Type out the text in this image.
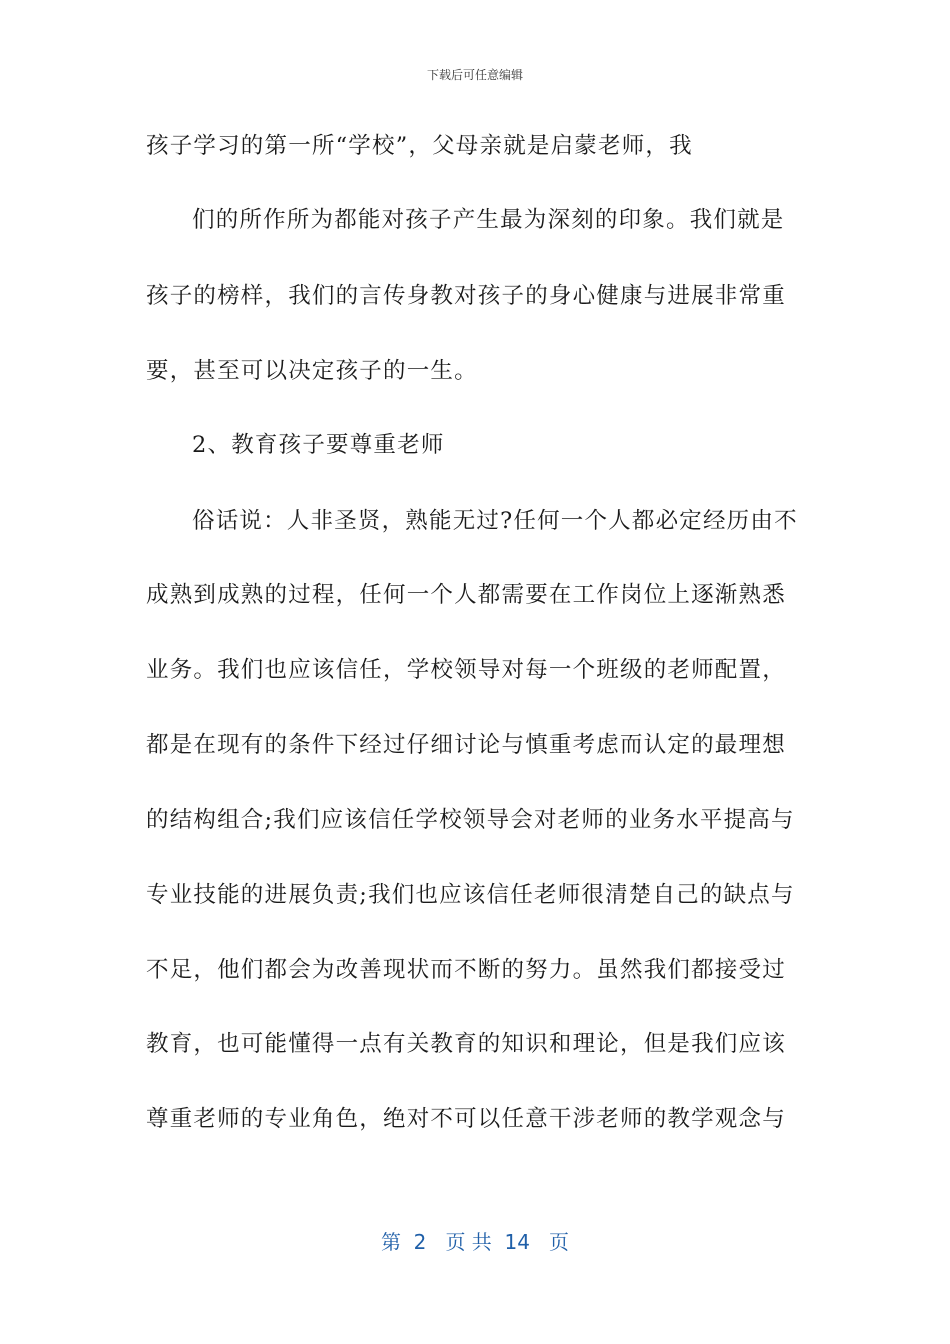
下载后可任意编辑
孩子学习的第一所“学校”，父母亲就是启蒙老师，我
们的所作所为都能对孩子产生最为深刻的印象。我们就是
孩子的榜样，我们的言传身教对孩子的身心健康与进展非常重
要，甚至可以决定孩子的一生。
2、教育孩子要尊重老师
俗话说：人非圣贤，熟能无过?任何一个人都必定经历由不
成熟到成熟的过程，任何一个人都需要在工作岗位上逐渐熟悉
业务。我们也应该信任，学校领导对每一个班级的老师配置，
都是在现有的条件下经过仔细讨论与慎重考虑而认定的最理想
的结构组合;我们应该信任学校领导会对老师的业务水平提高与
专业技能的进展负责;我们也应该信任老师很清楚自己的缺点与
不足，他们都会为改善现状而不断的努力。虽然我们都接受过
教育，也可能懂得一点有关教育的知识和理论，但是我们应该
尊重老师的专业角色，绝对不可以任意干涉老师的教学观念与
第  2   页 共  14   页
